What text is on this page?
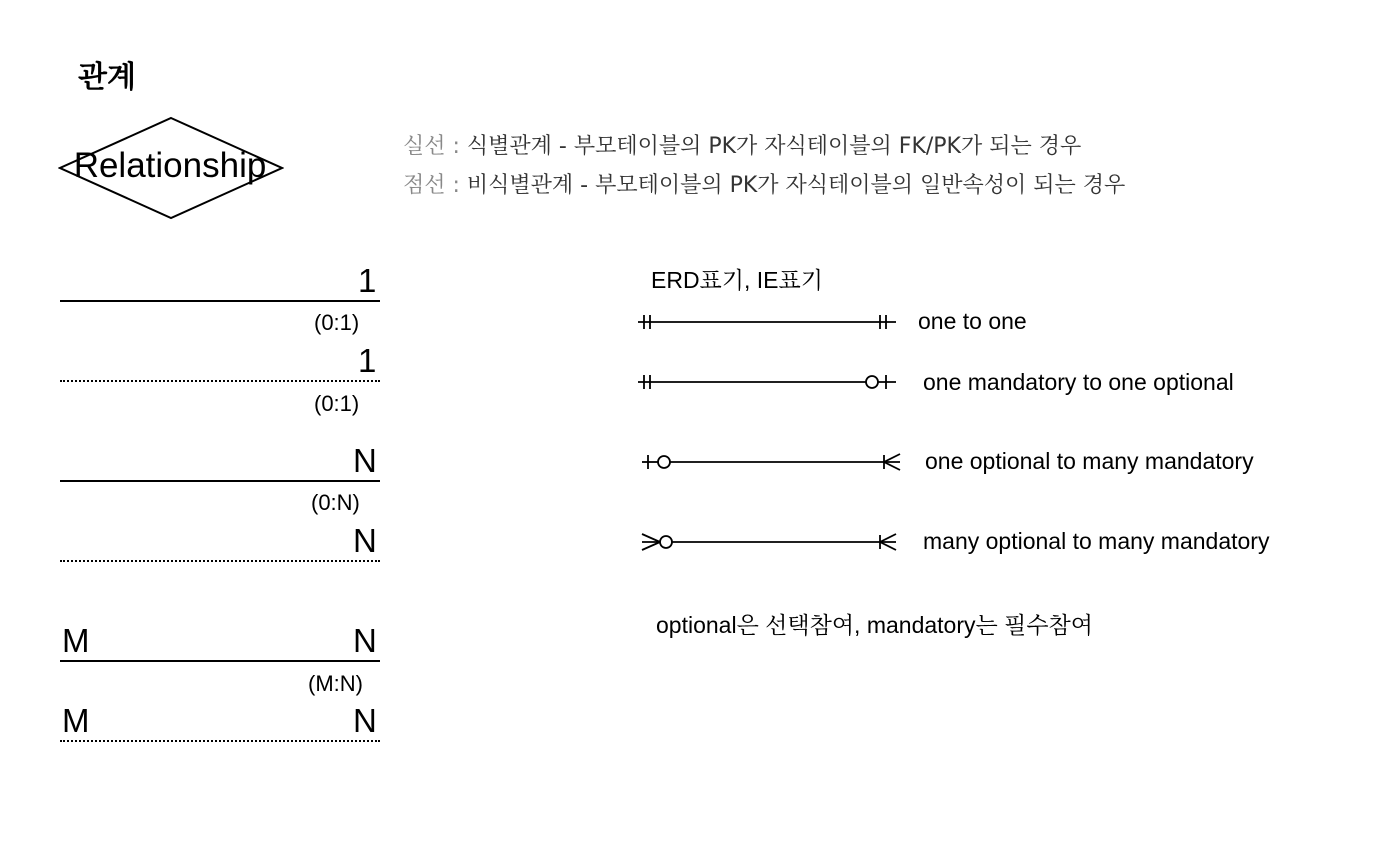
관계
Relationship	실선 : 식별관계 - 부모테이블의 PK가 자식테이블의 FK/PK가 되는 경우
점선 : 비식별관계 - 부모테이블의 PK가 자식테이블의 일반속성이 되는 경우
1
(0:1)
1
(0:1)
N
(0:N)
N
M	N
(M:N)
M	N
ERD표기, IE표기
one to one
one mandatory to one optional
one optional to many mandatory
many optional to many mandatory
optional은 선택참여, mandatory는 필수참여
